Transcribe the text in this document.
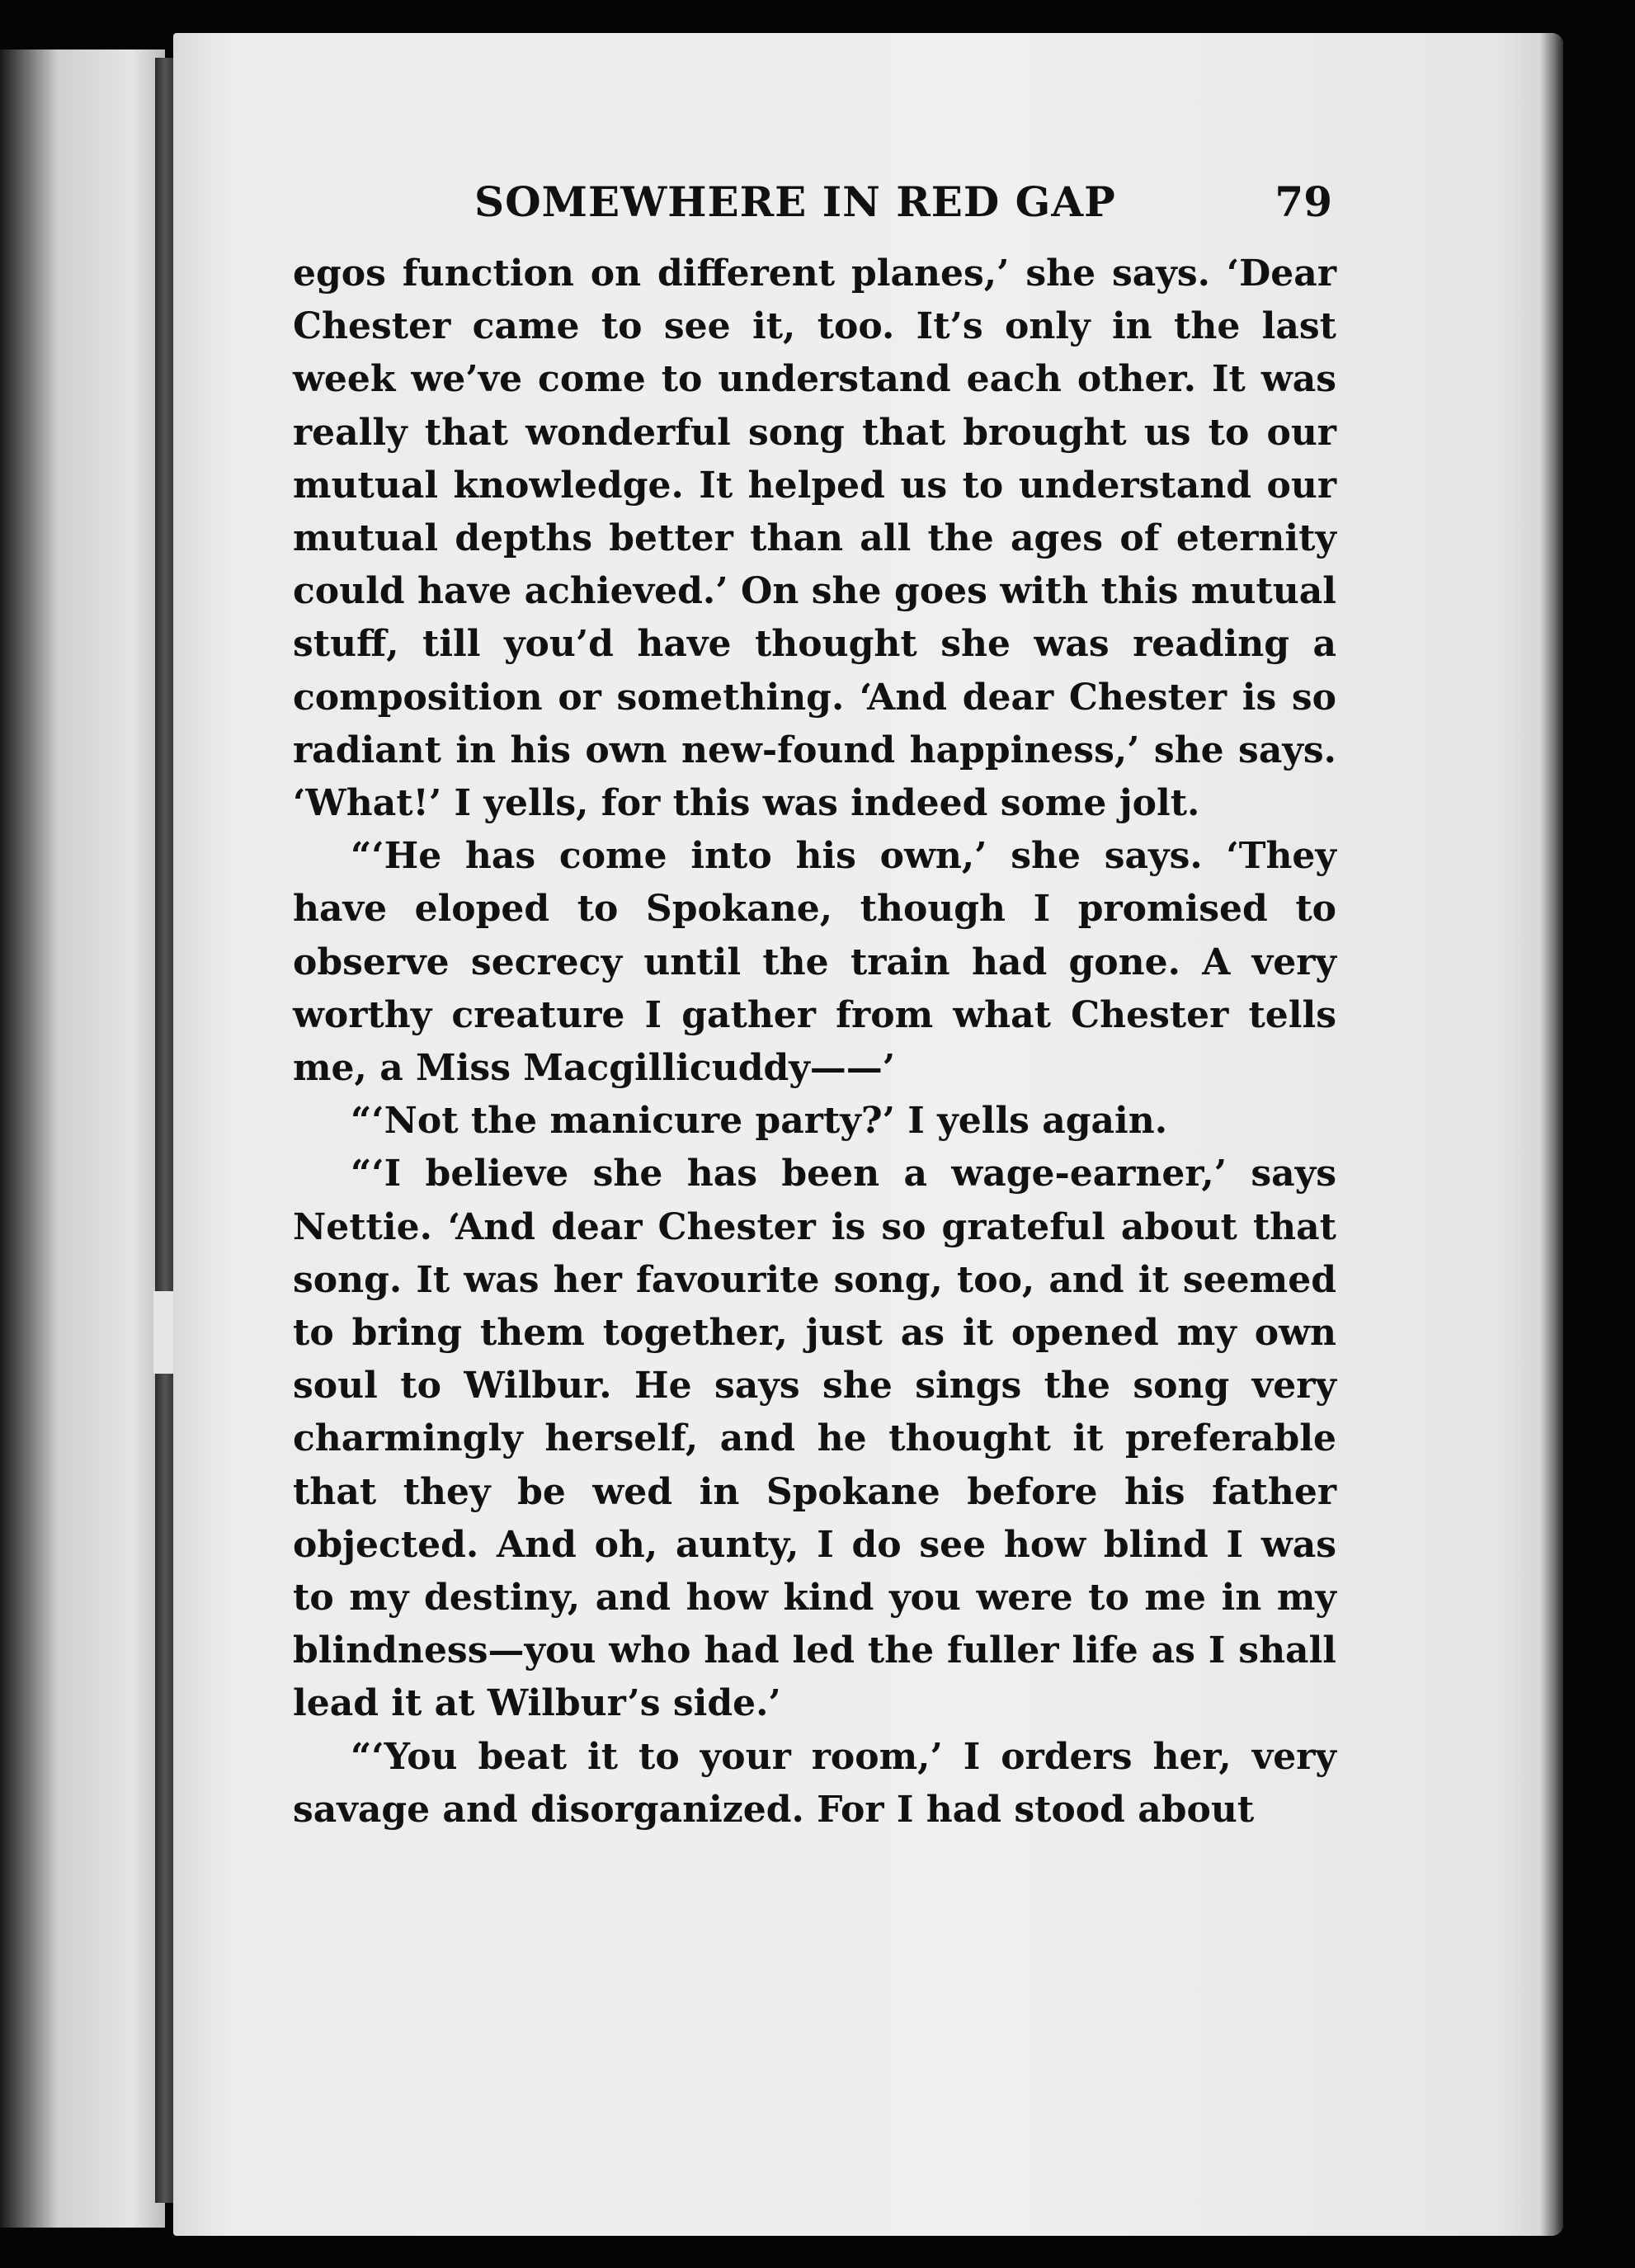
SOMEWHERE IN RED GAP	79

egos function on different planes,’ she says. ‘Dear Chester came to see it, too. It’s only in the last week we’ve come to understand each other. It was really that wonderful song that brought us to our mutual knowledge. It helped us to understand our mutual depths better than all the ages of eternity could have achieved.’ On she goes with this mutual stuff, till you’d have thought she was reading a composition or something. ‘And dear Chester is so radiant in his own new-found happiness,’ she says. ‘What!’ I yells, for this was indeed some jolt.

“‘He has come into his own,’ she says. ‘They have eloped to Spokane, though I promised to observe secrecy until the train had gone. A very worthy creature I gather from what Chester tells me, a Miss Macgillicuddy——’

“‘Not the manicure party?’ I yells again.

“‘I believe she has been a wage-earner,’ says Nettie. ‘And dear Chester is so grateful about that song. It was her favourite song, too, and it seemed to bring them together, just as it opened my own soul to Wilbur. He says she sings the song very charmingly herself, and he thought it preferable that they be wed in Spokane before his father objected. And oh, aunty, I do see how blind I was to my destiny, and how kind you were to me in my blindness—you who had led the fuller life as I shall lead it at Wilbur’s side.’

“‘You beat it to your room,’ I orders her, very savage and disorganized. For I had stood about
